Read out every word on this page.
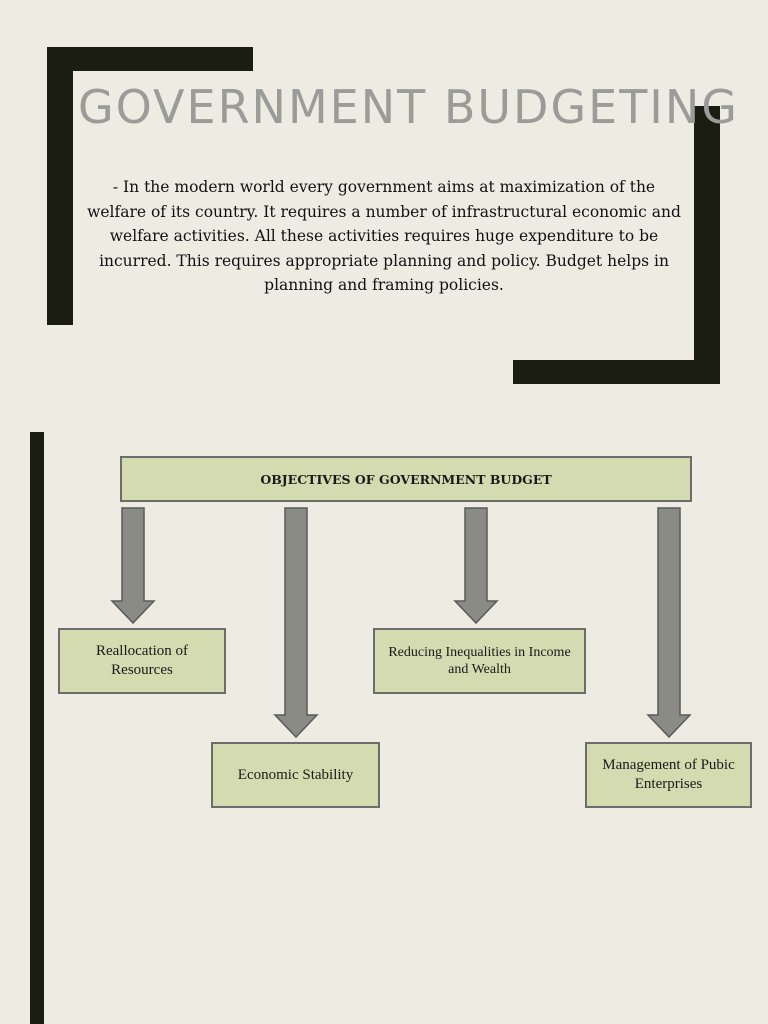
GOVERNMENT BUDGETING
- In the modern world every government aims at maximization of the welfare of its country. It requires a number of infrastructural economic and welfare activities. All these activities requires huge expenditure to be incurred. This requires appropriate planning and policy. Budget helps in planning and framing policies.
OBJECTIVES OF GOVERNMENT BUDGET
Reallocation of Resources
Economic Stability
Reducing Inequalities in Income and Wealth
Management of Pubic Enterprises
